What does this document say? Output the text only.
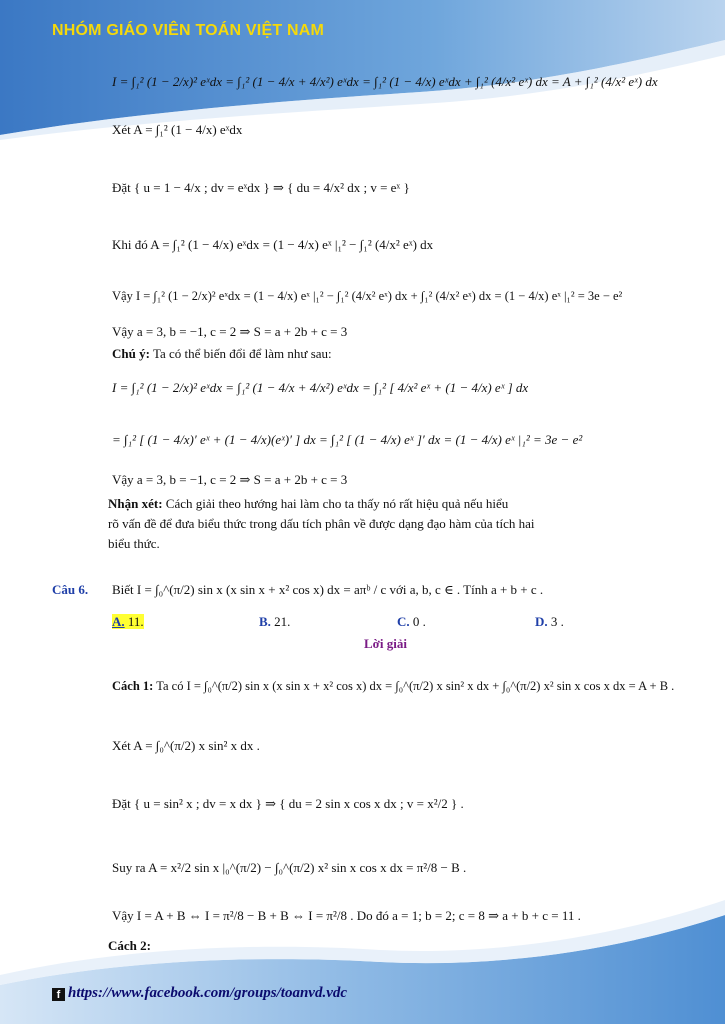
NHÓM GIÁO VIÊN TOÁN VIỆT NAM
I = ∫₁² (1 − 2/x)² eˣdx = ∫₁² (1 − 4/x + 4/x²) eˣdx = ∫₁² (1 − 4/x) eˣdx + ∫₁² (4/x² eˣ) dx = A + ∫₁² (4/x² eˣ) dx
Xét A = ∫₁² (1 − 4/x) eˣdx
Đặt { u = 1 − 4/x ; dv = eˣdx } ⇒ { du = 4/x² dx ; v = eˣ }
Khi đó A = ∫₁² (1 − 4/x) eˣdx = (1 − 4/x) eˣ |₁² − ∫₁² (4/x² eˣ) dx
Vậy I = ∫₁² (1 − 2/x)² eˣdx = (1 − 4/x) eˣ |₁² − ∫₁² (4/x² eˣ) dx + ∫₁² (4/x² eˣ) dx = (1 − 4/x) eˣ |₁² = 3e − e²
Vậy a = 3, b = −1, c = 2 ⇒ S = a + 2b + c = 3
Chú ý: Ta có thể biến đổi để làm như sau:
I = ∫₁² (1 − 2/x)² eˣdx = ∫₁² (1 − 4/x + 4/x²) eˣdx = ∫₁² [ 4/x² eˣ + (1 − 4/x) eˣ ] dx
= ∫₁² [ (1 − 4/x)′ eˣ + (1 − 4/x)(eˣ)′ ] dx = ∫₁² [ (1 − 4/x) eˣ ]′ dx = (1 − 4/x) eˣ |₁² = 3e − e²
Vậy a = 3, b = −1, c = 2 ⇒ S = a + 2b + c = 3
Nhận xét: Cách giải theo hướng hai làm cho ta thấy nó rất hiệu quả nếu hiểu
rõ vấn đề để đưa biểu thức trong dấu tích phân về được dạng đạo hàm của tích hai
biểu thức.
Câu 6. Biết I = ∫₀^(π/2) sin x (x sin x + x² cos x) dx = aπᵇ / c với a, b, c ∈ . Tính a + b + c .
A. 11.	B. 21.	C. 0 .	D. 3 .
Lời giải
Cách 1: Ta có I = ∫₀^(π/2) sin x (x sin x + x² cos x) dx = ∫₀^(π/2) x sin² x dx + ∫₀^(π/2) x² sin x cos x dx = A + B .
Xét A = ∫₀^(π/2) x sin² x dx .
Đặt { u = sin² x ; dv = x dx } ⇒ { du = 2 sin x cos x dx ; v = x²/2 } .
Suy ra A = x²/2 sin x |₀^(π/2) − ∫₀^(π/2) x² sin x cos x dx = π²/8 − B .
Vậy I = A + B ⇔ I = π²/8 − B + B ⇔ I = π²/8 . Do đó a = 1; b = 2; c = 8 ⇒ a + b + c = 11 .
Cách 2:
f https://www.facebook.com/groups/toanvd.vdc
